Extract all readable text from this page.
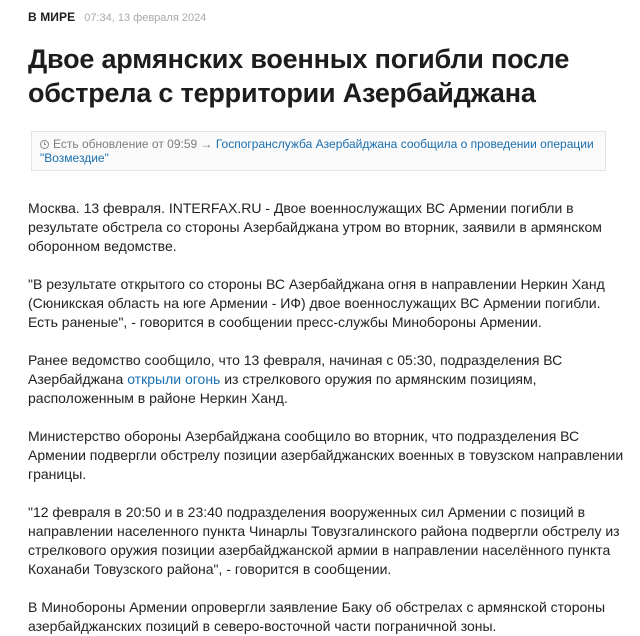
В МИРЕ 07:34, 13 февраля 2024
Двое армянских военных погибли после обстрела с территории Азербайджана
Есть обновление от 09:59 → Госпогранслужба Азербайджана сообщила о проведении операции "Возмездие"

Москва. 13 февраля. INTERFAX.RU - Двое военнослужащих ВС Армении погибли в результате обстрела со стороны Азербайджана утром во вторник, заявили в армянском оборонном ведомстве.

"В результате открытого со стороны ВС Азербайджана огня в направлении Неркин Ханд (Сюникская область на юге Армении - ИФ) двое военнослужащих ВС Армении погибли. Есть раненые", - говорится в сообщении пресс-службы Минобороны Армении.

Ранее ведомство сообщило, что 13 февраля, начиная с 05:30, подразделения ВС Азербайджана открыли огонь из стрелкового оружия по армянским позициям, расположенным в районе Неркин Ханд.

Министерство обороны Азербайджана сообщило во вторник, что подразделения ВС Армении подвергли обстрелу позиции азербайджанских военных в товузском направлении границы.

"12 февраля в 20:50 и в 23:40 подразделения вооруженных сил Армении с позиций в направлении населенного пункта Чинарлы Товузгалинского района подвергли обстрелу из стрелкового оружия позиции азербайджанской армии в направлении населённого пункта Коханаби Товузского района", - говорится в сообщении.

В Минобороны Армении опровергли заявление Баку об обстрелах с армянской стороны азербайджанских позиций в северо-восточной части пограничной зоны.
